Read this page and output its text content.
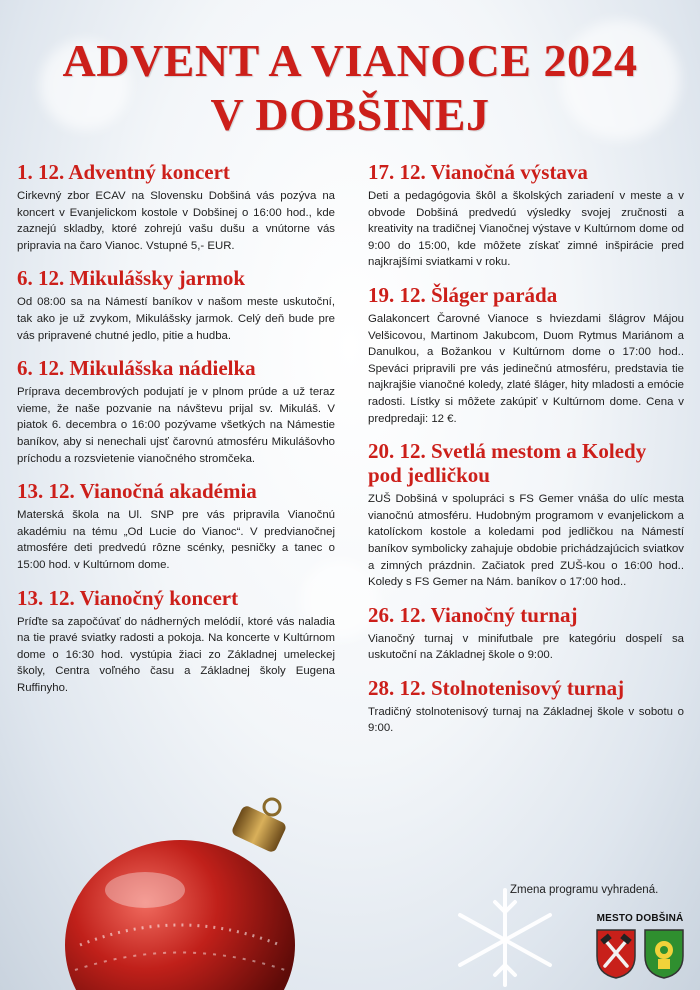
ADVENT A VIANOCE 2024
V DOBŠINEJ
1. 12. Adventný koncert

Cirkevný zbor ECAV na Slovensku Dobšiná vás pozýva na koncert v Evanjelickom kostole v Dobšinej o 16:00 hod., kde zaznejú skladby, ktoré zohrejú vašu dušu a vnútorne vás pripravia na čaro Vianoc. Vstupné 5,- EUR.

6. 12. Mikulášsky jarmok

Od 08:00 sa na Námestí baníkov v našom meste uskutoční, tak ako je už zvykom, Mikulášsky jarmok. Celý deň bude pre vás pripravené chutné jedlo, pitie a hudba.

6. 12. Mikulášska nádielka

Príprava decembrových podujatí je v plnom prúde a už teraz vieme, že naše pozvanie na návštevu prijal sv. Mikuláš. V piatok 6. decembra o 16:00 pozývame všetkých na Námestie baníkov, aby si nenechali ujsť čarovnú atmosféru Mikulášovho príchodu a rozsvietenie vianočného stromčeka.

13. 12. Vianočná akadémia

Materská škola na Ul. SNP pre vás pripravila Vianočnú akadémiu na tému „Od Lucie do Vianoc“. V predvianočnej atmosfére deti predvedú rôzne scénky, pesničky a tanec o 15:00 hod. v Kultúrnom dome.

13. 12. Vianočný koncert

Príďte sa započúvať do nádherných melódií, ktoré vás naladia na tie pravé sviatky radosti a pokoja. Na koncerte v Kultúrnom dome o 16:30 hod. vystúpia žiaci zo Základnej umeleckej školy, Centra voľného času a Základnej školy Eugena Ruffinyho.

17. 12. Vianočná výstava

Deti a pedagógovia škôl a školských zariadení v meste a v obvode Dobšiná predvedú výsledky svojej zručnosti a kreativity na tradičnej Vianočnej výstave v Kultúrnom dome od 9:00 do 15:00, kde môžete získať zimné inšpirácie pred najkrajšími sviatkami v roku.

19. 12. Šláger paráda

Galakoncert Čarovné Vianoce s hviezdami šlágrov Májou Velšicovou, Martinom Jakubcom, Duom Rytmus Mariánom a Danulkou, a Božankou v Kultúrnom dome o 17:00 hod.. Speváci pripravili pre vás jedinečnú atmosféru, predstavia tie najkrajšie vianočné koledy, zlaté šláger, hity mladosti a emócie radosti. Lístky si môžete zakúpiť v Kultúrnom dome. Cena v predpredaji: 12 €.

20. 12. Svetlá mestom a Koledy pod jedličkou

ZUŠ Dobšiná v spolupráci s FS Gemer vnáša do ulíc mesta vianočnú atmosféru. Hudobným programom v evanjelickom a katolíckom kostole a koledami pod jedličkou na Námestí baníkov symbolicky zahajuje obdobie prichádzajúcich sviatkov a zimných prázdnin. Začiatok pred ZUŠ-kou o 16:00 hod.. Koledy s FS Gemer na Nám. baníkov o 17:00 hod..

26. 12. Vianočný turnaj

Vianočný turnaj v minifutbale pre kategóriu dospelí sa uskutoční na Základnej škole o 9:00.

28. 12. Stolnotenisový turnaj

Tradičný stolnotenisový turnaj na Základnej škole v sobotu o 9:00.

Zmena programu vyhradená.
MESTO DOBŠINÁ
